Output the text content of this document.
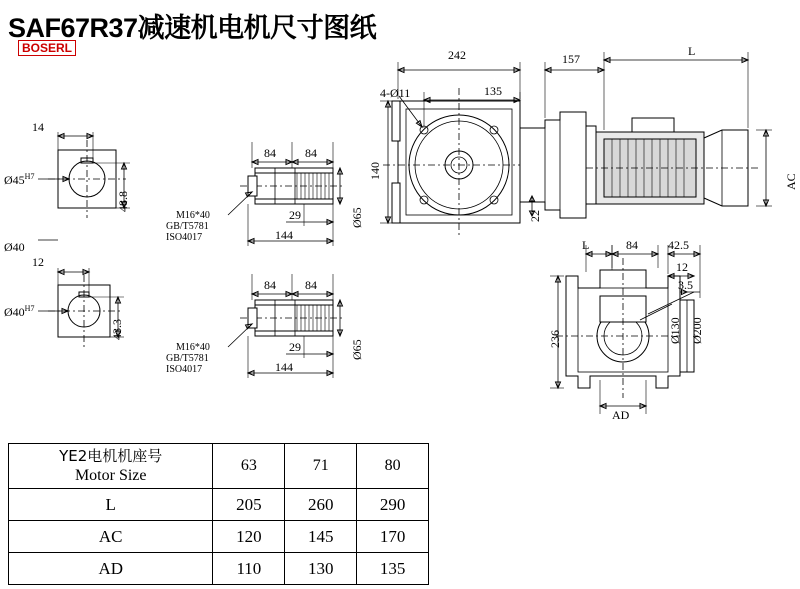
SAF67R37减速机电机尺寸图纸
BOSERL
14
$Ø45^{H7}$
48.8
Ø40
12
$Ø40^{H7}$
43.3
84 84
29
144
Ø65
M16*40
GB/T5781
ISO4017
84 84
29
144
Ø65
M16*40
GB/T5781
ISO4017
242	157
L
4-Ø11	135
140
22
AC
L	84	42.5
12
3.5
236	Ø130 Ø200
AD
YE2电机机座号
Motor Size	63	71	80
L	205	260	290
AC	120	145	170
AD	110	130	135
